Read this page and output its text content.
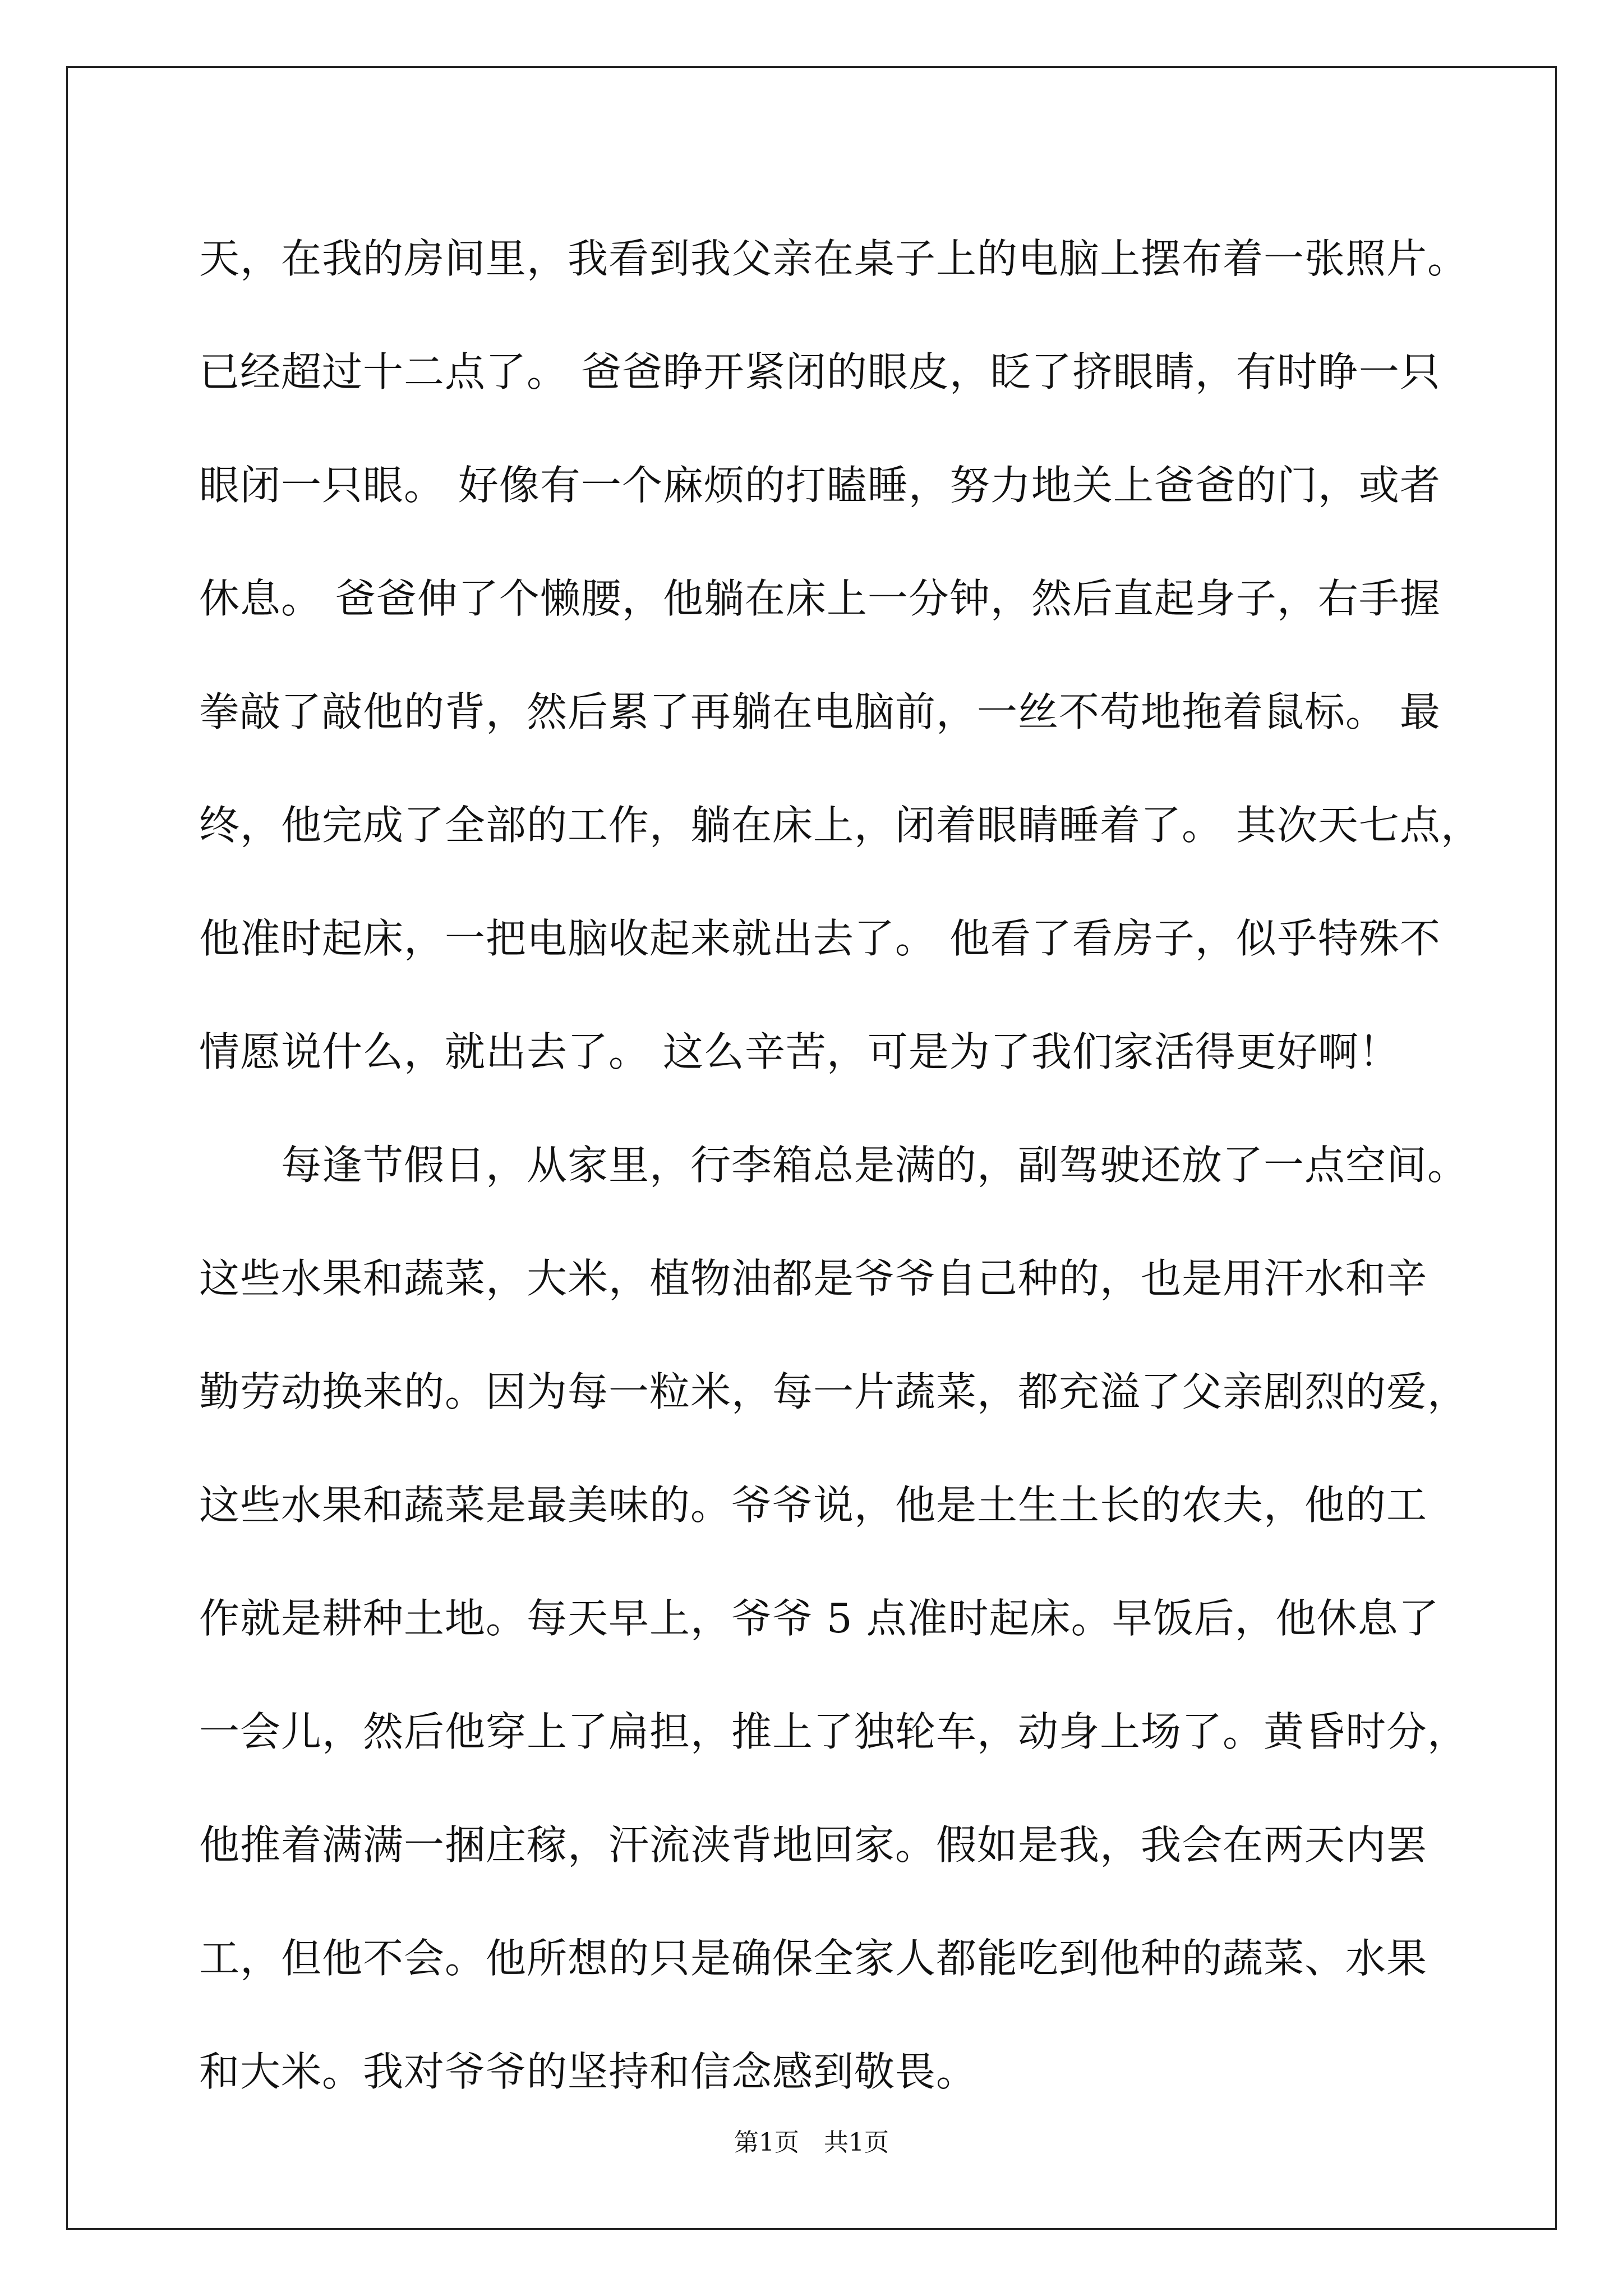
天，在我的房间里，我看到我父亲在桌子上的电脑上摆布着一张照片。
已经超过十二点了。 爸爸睁开紧闭的眼皮，眨了挤眼睛，有时睁一只
眼闭一只眼。 好像有一个麻烦的打瞌睡，努力地关上爸爸的门，或者
休息。 爸爸伸了个懒腰，他躺在床上一分钟，然后直起身子，右手握
拳敲了敲他的背，然后累了再躺在电脑前，一丝不苟地拖着鼠标。 最
终，他完成了全部的工作，躺在床上，闭着眼睛睡着了。 其次天七点，
他准时起床，一把电脑收起来就出去了。 他看了看房子，似乎特殊不
情愿说什么，就出去了。 这么辛苦，可是为了我们家活得更好啊！
　　每逢节假日，从家里，行李箱总是满的，副驾驶还放了一点空间。
这些水果和蔬菜，大米，植物油都是爷爷自己种的，也是用汗水和辛
勤劳动换来的。因为每一粒米，每一片蔬菜，都充溢了父亲剧烈的爱，
这些水果和蔬菜是最美味的。爷爷说，他是土生土长的农夫，他的工
作就是耕种土地。每天早上，爷爷 5 点准时起床。早饭后，他休息了
一会儿，然后他穿上了扁担，推上了独轮车，动身上场了。黄昏时分，
他推着满满一捆庄稼，汗流浃背地回家。假如是我，我会在两天内罢
工，但他不会。他所想的只是确保全家人都能吃到他种的蔬菜、水果
和大米。我对爷爷的坚持和信念感到敬畏。
第1页　共1页
